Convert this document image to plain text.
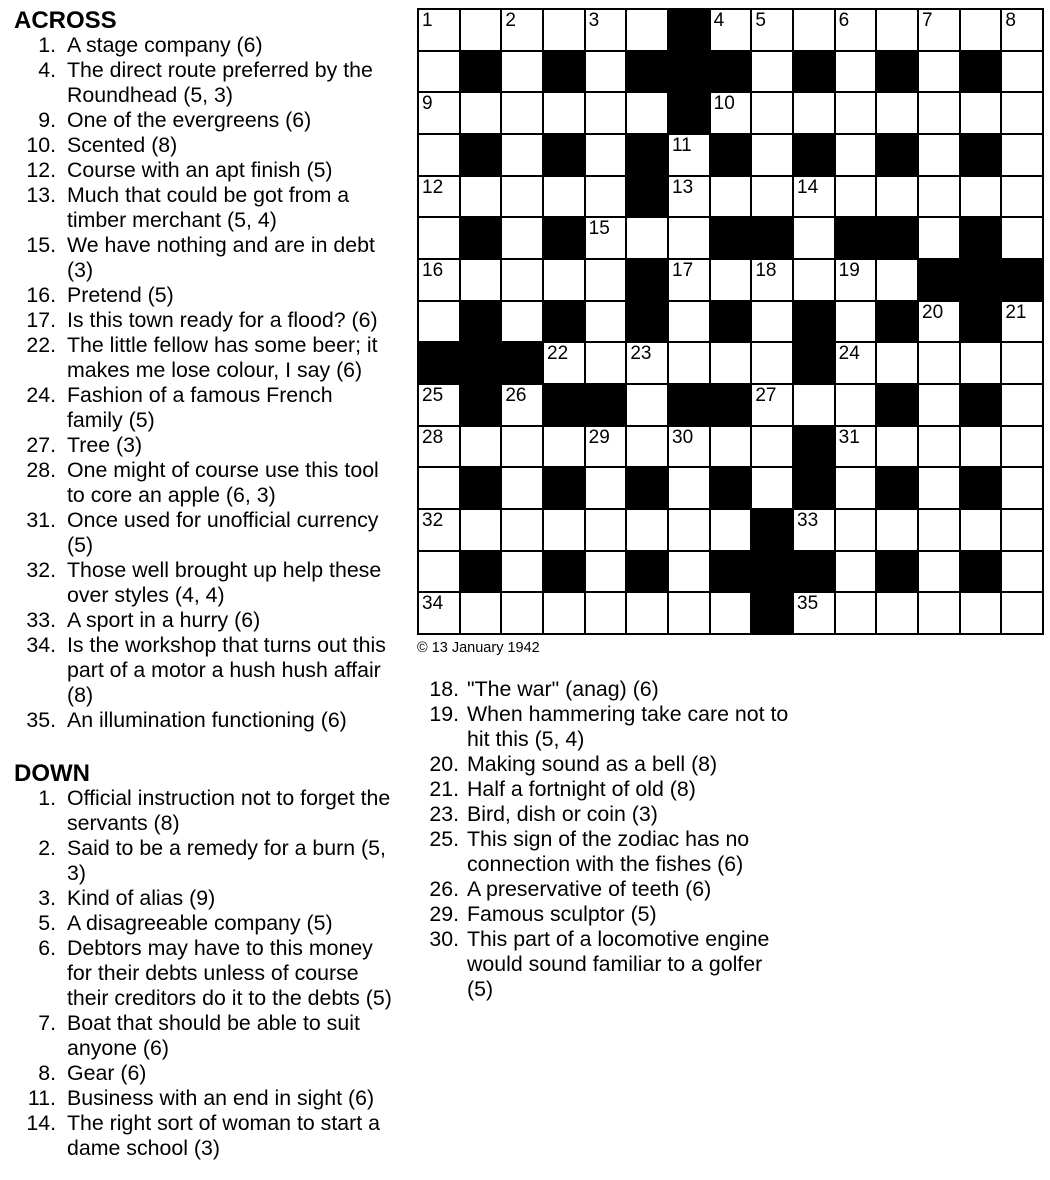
ACROSS
1. A stage company (6)
4. The direct route preferred by the Roundhead (5, 3)
9. One of the evergreens (6)
10. Scented (8)
12. Course with an apt finish (5)
13. Much that could be got from a timber merchant (5, 4)
15. We have nothing and are in debt (3)
16. Pretend (5)
17. Is this town ready for a flood? (6)
22. The little fellow has some beer; it makes me lose colour, I say (6)
24. Fashion of a famous French family (5)
27. Tree (3)
28. One might of course use this tool to core an apple (6, 3)
31. Once used for unofficial currency (5)
32. Those well brought up help these over styles (4, 4)
33. A sport in a hurry (6)
34. Is the workshop that turns out this part of a motor a hush hush affair (8)
35. An illumination functioning (6)
DOWN
1. Official instruction not to forget the servants (8)
2. Said to be a remedy for a burn (5, 3)
3. Kind of alias (9)
5. A disagreeable company (5)
6. Debtors may have to this money for their debts unless of course their creditors do it to the debts (5)
7. Boat that should be able to suit anyone (6)
8. Gear (6)
11. Business with an end in sight (6)
14. The right sort of woman to start a dame school (3)
1	2	3	4 5	6	7	8
9	10
11
12	13	14
15
16	17	18	19
20	21
22	23	24
25	26	27
28	29	30	31
32	33
34	35
© 13 January 1942
18. "The war" (anag) (6)
19. When hammering take care not to hit this (5, 4)
20. Making sound as a bell (8)
21. Half a fortnight of old (8)
23. Bird, dish or coin (3)
25. This sign of the zodiac has no connection with the fishes (6)
26. A preservative of teeth (6)
29. Famous sculptor (5)
30. This part of a locomotive engine would sound familiar to a golfer (5)
